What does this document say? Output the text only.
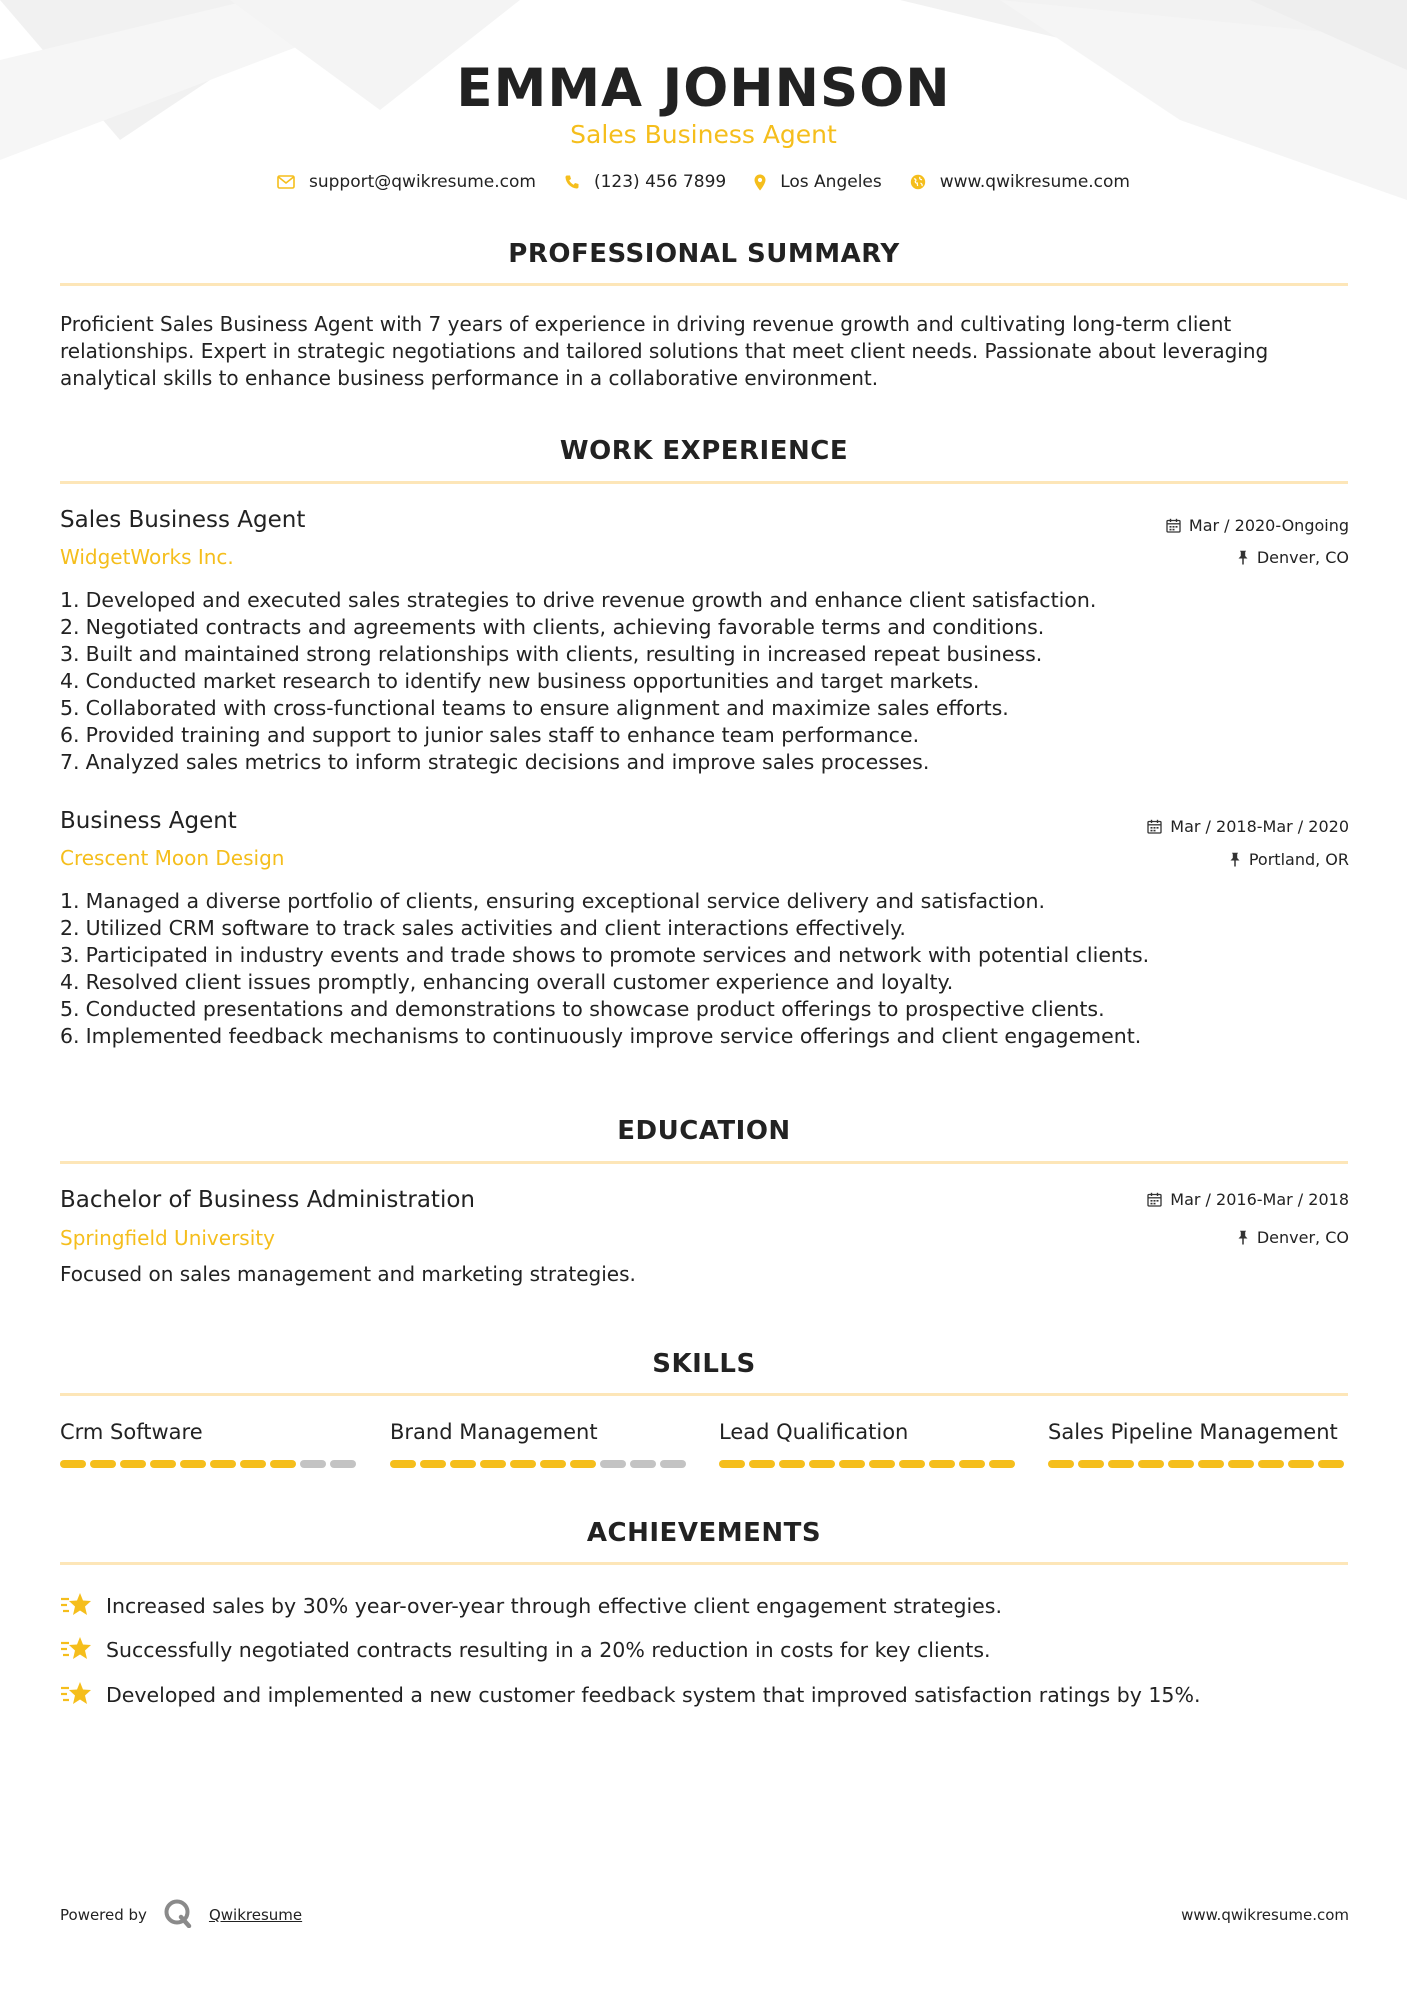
EMMA JOHNSON
Sales Business Agent
support@qwikresume.com	(123) 456 7899	Los Angeles	www.qwikresume.com
PROFESSIONAL SUMMARY
Proficient Sales Business Agent with 7 years of experience in driving revenue growth and cultivating long-term client relationships. Expert in strategic negotiations and tailored solutions that meet client needs. Passionate about leveraging analytical skills to enhance business performance in a collaborative environment.
WORK EXPERIENCE
Sales Business Agent
WidgetWorks Inc.
Mar / 2020-Ongoing
Denver, CO
1. Developed and executed sales strategies to drive revenue growth and enhance client satisfaction.
2. Negotiated contracts and agreements with clients, achieving favorable terms and conditions.
3. Built and maintained strong relationships with clients, resulting in increased repeat business.
4. Conducted market research to identify new business opportunities and target markets.
5. Collaborated with cross-functional teams to ensure alignment and maximize sales efforts.
6. Provided training and support to junior sales staff to enhance team performance.
7. Analyzed sales metrics to inform strategic decisions and improve sales processes.
Business Agent
Crescent Moon Design
Mar / 2018-Mar / 2020
Portland, OR
1. Managed a diverse portfolio of clients, ensuring exceptional service delivery and satisfaction.
2. Utilized CRM software to track sales activities and client interactions effectively.
3. Participated in industry events and trade shows to promote services and network with potential clients.
4. Resolved client issues promptly, enhancing overall customer experience and loyalty.
5. Conducted presentations and demonstrations to showcase product offerings to prospective clients.
6. Implemented feedback mechanisms to continuously improve service offerings and client engagement.
EDUCATION
Bachelor of Business Administration
Springfield University
Mar / 2016-Mar / 2018
Denver, CO
Focused on sales management and marketing strategies.
SKILLS
Crm Software	Brand Management	Lead Qualification	Sales Pipeline Management
ACHIEVEMENTS
Increased sales by 30% year-over-year through effective client engagement strategies.
Successfully negotiated contracts resulting in a 20% reduction in costs for key clients.
Developed and implemented a new customer feedback system that improved satisfaction ratings by 15%.
Powered by	Qwikresume	www.qwikresume.com
